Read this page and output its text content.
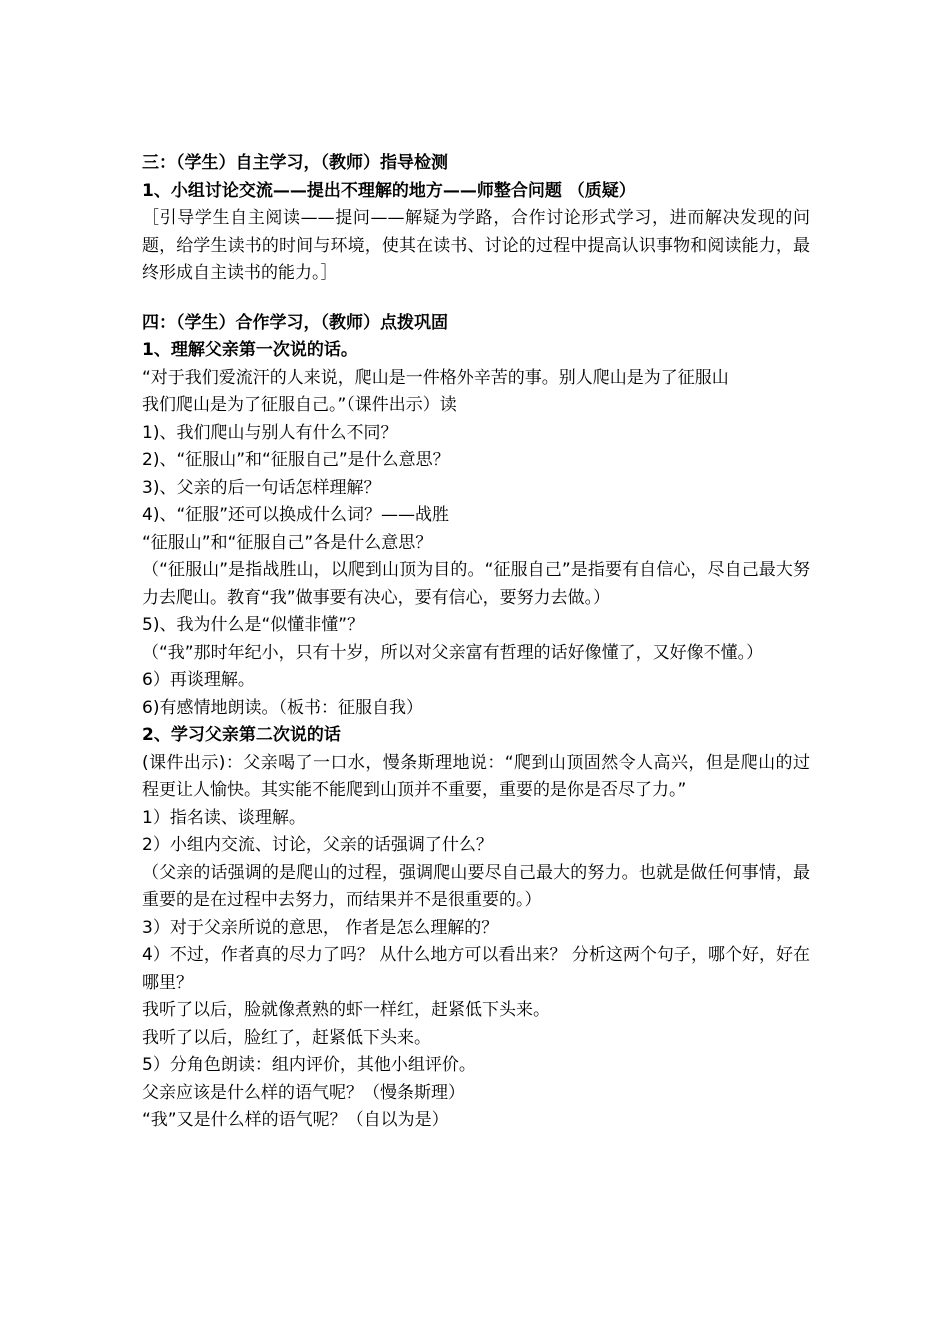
三：（学生）自主学习，（教师）指导检测

1、小组讨论交流——提出不理解的地方——师整合问题 （质疑）

［引导学生自主阅读——提问——解疑为学路，合作讨论形式学习，进而解决发现的问题，给学生读书的时间与环境，使其在读书、讨论的过程中提高认识事物和阅读能力，最终形成自主读书的能力。］

四：（学生）合作学习，（教师）点拨巩固

1、理解父亲第一次说的话。

“对于我们爱流汗的人来说，爬山是一件格外辛苦的事。别人爬山是为了征服山

我们爬山是为了征服自己。”（课件出示）读

1)、我们爬山与别人有什么不同？

2)、“征服山”和“征服自己”是什么意思？

3)、父亲的后一句话怎样理解？

4)、“征服”还可以换成什么词？——战胜

“征服山”和“征服自己”各是什么意思？

（“征服山”是指战胜山，以爬到山顶为目的。“征服自己”是指要有自信心，尽自己最大努力去爬山。教育“我”做事要有决心，要有信心，要努力去做。）

5)、我为什么是“似懂非懂”？

（“我”那时年纪小，只有十岁，所以对父亲富有哲理的话好像懂了，又好像不懂。）

6）再谈理解。

6)有感情地朗读。（板书：征服自我）

2、学习父亲第二次说的话

(课件出示)：父亲喝了一口水，慢条斯理地说：“爬到山顶固然令人高兴，但是爬山的过程更让人愉快。其实能不能爬到山顶并不重要，重要的是你是否尽了力。”

1）指名读、谈理解。

2）小组内交流、讨论，父亲的话强调了什么？

（父亲的话强调的是爬山的过程，强调爬山要尽自己最大的努力。也就是做任何事情，最重要的是在过程中去努力，而结果并不是很重要的。）

3）对于父亲所说的意思， 作者是怎么理解的？

4）不过，作者真的尽力了吗？ 从什么地方可以看出来？ 分析这两个句子，哪个好，好在哪里？

我听了以后，脸就像煮熟的虾一样红，赶紧低下头来。

我听了以后，脸红了，赶紧低下头来。

5）分角色朗读：组内评价，其他小组评价。

父亲应该是什么样的语气呢？（慢条斯理）

“我”又是什么样的语气呢？（自以为是）
